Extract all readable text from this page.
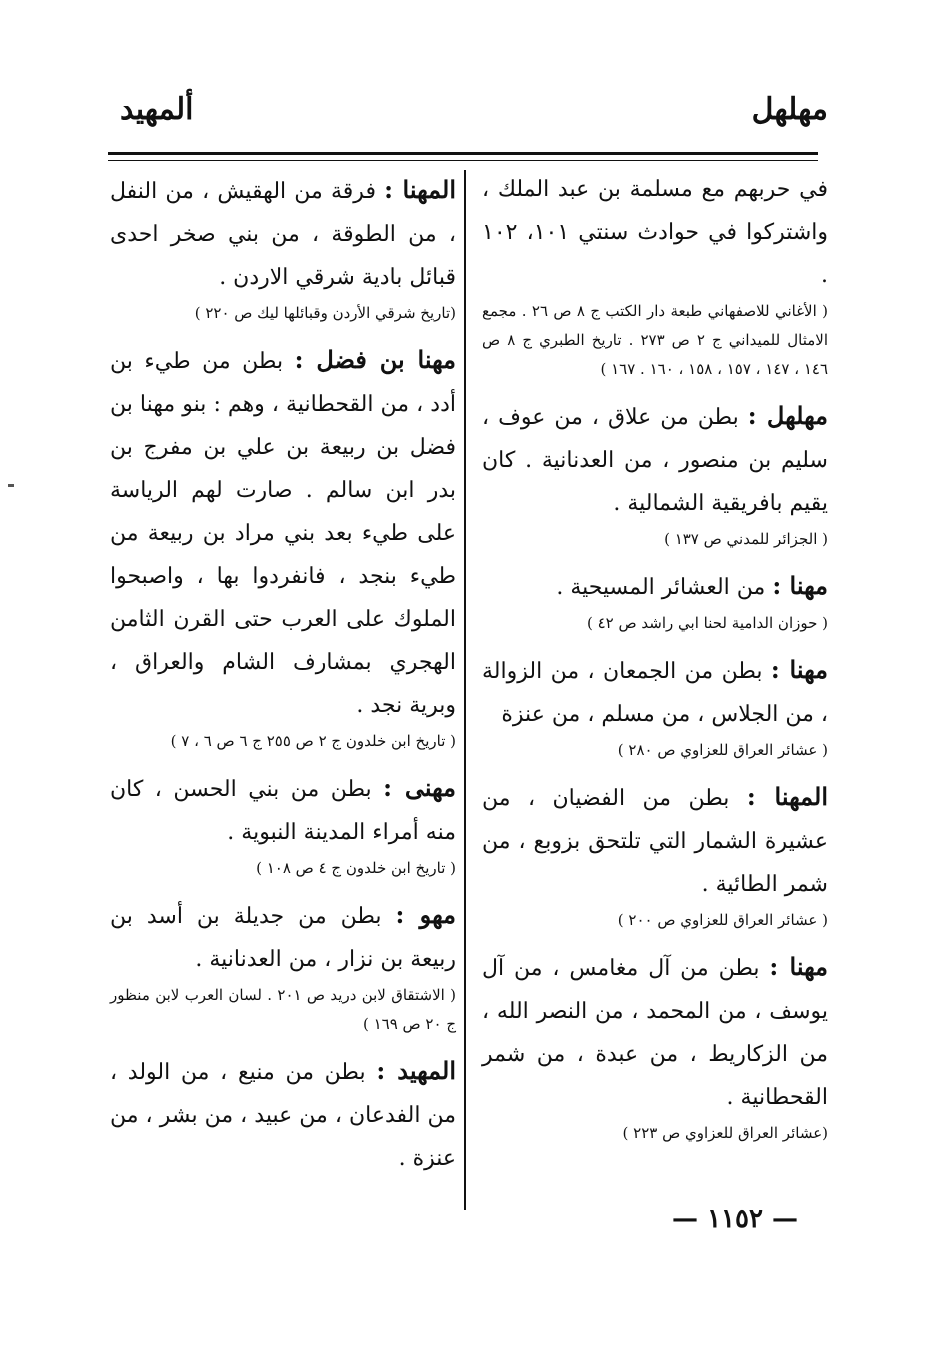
مهلهل
ألمهيد

في حربهم مع مسلمة بن عبد الملك ، واشتركوا في حوادث سنتي ١٠١، ١٠٢ .

( الأغاني للاصفهاني طبعة دار الكتب ج ٨ ص ٢٦ . مجمع الامثال للميداني ج ٢ ص ٢٧٣ . تاريخ الطبري ج ٨ ص ١٤٦ ، ١٤٧ ، ١٥٧ ، ١٥٨ ، ١٦٠ . ١٦٧ )

مهلهل : بطن من علاق ، من عوف ، سليم بن منصور ، من العدنانية . كان يقيم بافريقية الشمالية .

( الجزائر للمدني ص ١٣٧ )

مهنا : من العشائر المسيحية .

( حوزان الدامية لحنا ابي راشد ص ٤٢ )

مهنا : بطن من الجمعان ، من الزوالة ، من الجلاس ، من مسلم ، من عنزة

( عشائر العراق للعزاوي ص ٢٨٠ )

المهنا : بطن من الفضيان ، من عشيرة الشمار التي تلتحق بزوبع ، من شمر الطائية .

( عشائر العراق للعزاوي ص ٢٠٠ )

مهنا : بطن من آل مغامس ، من آل يوسف ، من المحمد ، من النصر الله ، من الزكاريط ، من عبدة ، من شمر القحطانية .

(عشائر العراق للعزاوي ص ٢٢٣ )

المهنا : فرقة من الهقيش ، من النفل ، من الطوقة ، من بني صخر احدى قبائل بادية شرقي الاردن .

(تاريخ شرقي الأردن وقبائلها ليك ص ٢٢٠ )

مهنا بن فضل : بطن من طيء بن أدد ، من القحطانية ، وهم : بنو مهنا بن فضل بن ربيعة بن علي بن مفرج بن بدر ابن سالم . صارت لهم الرياسة على طيء بعد بني مراد بن ربيعة من طيء بنجد ، فانفردوا بها ، واصبحوا الملوك على العرب حتى القرن الثامن الهجري بمشارف الشام والعراق ، وبرية نجد .

( تاريخ ابن خلدون ج ٢ ص ٢٥٥ ج ٦ ص ٦ ، ٧ )

مهنى : بطن من بني الحسن ، كان منه أمراء المدينة النبوية .

( تاريخ ابن خلدون ج ٤ ص ١٠٨ )

مهو : بطن من جديلة بن أسد بن ربيعة بن نزار ، من العدنانية .

( الاشتقاق لابن دريد ص ٢٠١ . لسان العرب لابن منظور ج ٢٠ ص ١٦٩ )

المهيد : بطن من منيع ، من الولد ، من الفدعان ، من عبيد ، من بشر ، من عنزة .

— ١١٥٢ —
